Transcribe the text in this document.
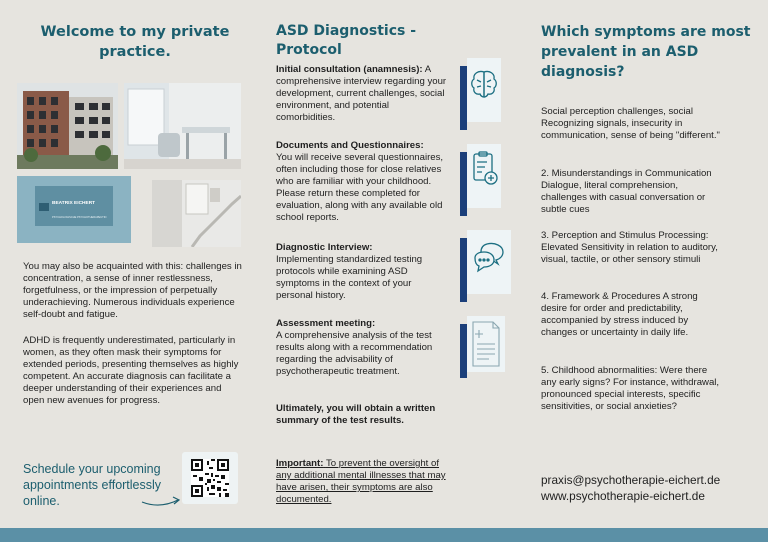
Welcome to my private practice.
BEATRIX EICHERT
PSYCHOLOGISCHE PSYCHOTHERAPEUTIN
You may also be acquainted with this: challenges in concentration, a sense of inner restlessness, forgetfulness, or the impression of perpetually underachieving. Numerous individuals experience self-doubt and fatigue.
ADHD is frequently underestimated, particularly in women, as they often mask their symptoms for extended periods, presenting themselves as highly competent. An accurate diagnosis can facilitate a deeper understanding of their experiences and open new avenues for progress.
Schedule your upcoming appointments effortlessly online.
ASD Diagnostics - Protocol
Initial consultation (anamnesis): A comprehensive interview regarding your development, current challenges, social environment, and potential comorbidities.
Documents and Questionnaires:
You will receive several questionnaires, often including those for close relatives who are familiar with your childhood. Please return these completed for evaluation, along with any available old school reports.
Diagnostic Interview:
Implementing standardized testing protocols while examining ASD symptoms in the context of your personal history.
Assessment meeting:
A comprehensive analysis of the test results along with a recommendation regarding the advisability of psychotherapeutic treatment.
Ultimately, you will obtain a written summary of the test results.
Important: To prevent the oversight of any additional mental illnesses that may have arisen, their symptoms are also documented.
Which symptoms are most prevalent in an ASD diagnosis?
Social perception challenges, social Recognizing signals, insecurity in communication, sense of being "different."
2. Misunderstandings in Communication Dialogue, literal comprehension, challenges with casual conversation or subtle cues
3. Perception and Stimulus Processing: Elevated Sensitivity in relation to auditory, visual, tactile, or other sensory stimuli
4. Framework & Procedures A strong desire for order and predictability, accompanied by stress induced by changes or uncertainty in daily life.
5. Childhood abnormalities: Were there any early signs? For instance, withdrawal, pronounced special interests, specific sensitivities, or social anxieties?
praxis@psychotherapie-eichert.de
www.psychotherapie-eichert.de
